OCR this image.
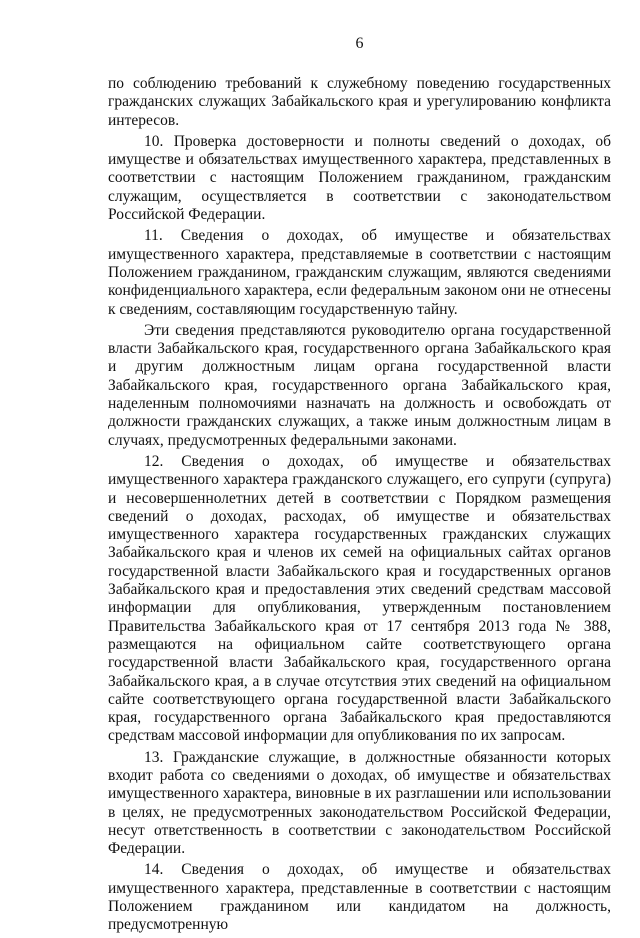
6

по соблюдению требований к служебному поведению государственных гражданских служащих Забайкальского края и урегулированию конфликта интересов.

10. Проверка достоверности и полноты сведений о доходах, об имуществе и обязательствах имущественного характера, представленных в соответствии с настоящим Положением гражданином, гражданским служащим, осуществляется в соответствии с законодательством Российской Федерации.

11. Сведения о доходах, об имуществе и обязательствах имущественного характера, представляемые в соответствии с настоящим Положением гражданином, гражданским служащим, являются сведениями конфиденциального характера, если федеральным законом они не отнесены к сведениям, составляющим государственную тайну.

Эти сведения представляются руководителю органа государственной власти Забайкальского края, государственного органа Забайкальского края и другим должностным лицам органа государственной власти Забайкальского края, государственного органа Забайкальского края, наделенным полномочиями назначать на должность и освобождать от должности гражданских служащих, а также иным должностным лицам в случаях, предусмотренных федеральными законами.

12. Сведения о доходах, об имуществе и обязательствах имущественного характера гражданского служащего, его супруги (супруга) и несовершеннолетних детей в соответствии с Порядком размещения сведений о доходах, расходах, об имуществе и обязательствах имущественного характера государственных гражданских служащих Забайкальского края и членов их семей на официальных сайтах органов государственной власти Забайкальского края и государственных органов Забайкальского края и предоставления этих сведений средствам массовой информации для опубликования, утвержденным постановлением Правительства Забайкальского края от 17 сентября 2013 года № 388, размещаются на официальном сайте соответствующего органа государственной власти Забайкальского края, государственного органа Забайкальского края, а в случае отсутствия этих сведений на официальном сайте соответствующего органа государственной власти Забайкальского края, государственного органа Забайкальского края предоставляются средствам массовой информации для опубликования по их запросам.

13. Гражданские служащие, в должностные обязанности которых входит работа со сведениями о доходах, об имуществе и обязательствах имущественного характера, виновные в их разглашении или использовании в целях, не предусмотренных законодательством Российской Федерации, несут ответственность в соответствии с законодательством Российской Федерации.

14. Сведения о доходах, об имуществе и обязательствах имущественного характера, представленные в соответствии с настоящим Положением гражданином или кандидатом на должность, предусмотренную
